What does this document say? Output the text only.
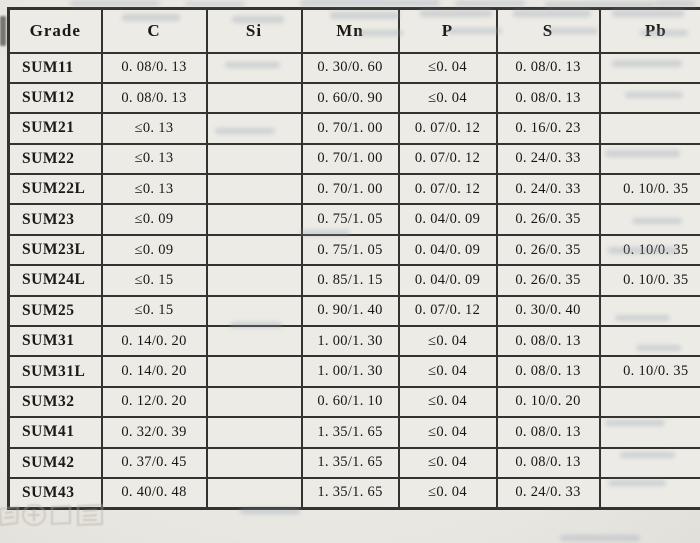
Grade	C	Si	Mn	P	S	Pb
SUM11	0. 08/0. 13		0. 30/0. 60	≤0. 04	0. 08/0. 13	
SUM12	0. 08/0. 13		0. 60/0. 90	≤0. 04	0. 08/0. 13	
SUM21	≤0. 13		0. 70/1. 00	0. 07/0. 12	0. 16/0. 23	
SUM22	≤0. 13		0. 70/1. 00	0. 07/0. 12	0. 24/0. 33	
SUM22L	≤0. 13		0. 70/1. 00	0. 07/0. 12	0. 24/0. 33	0. 10/0. 35
SUM23	≤0. 09		0. 75/1. 05	0. 04/0. 09	0. 26/0. 35	
SUM23L	≤0. 09		0. 75/1. 05	0. 04/0. 09	0. 26/0. 35	0. 10/0. 35
SUM24L	≤0. 15		0. 85/1. 15	0. 04/0. 09	0. 26/0. 35	0. 10/0. 35
SUM25	≤0. 15		0. 90/1. 40	0. 07/0. 12	0. 30/0. 40	
SUM31	0. 14/0. 20		1. 00/1. 30	≤0. 04	0. 08/0. 13	
SUM31L	0. 14/0. 20		1. 00/1. 30	≤0. 04	0. 08/0. 13	0. 10/0. 35
SUM32	0. 12/0. 20		0. 60/1. 10	≤0. 04	0. 10/0. 20	
SUM41	0. 32/0. 39		1. 35/1. 65	≤0. 04	0. 08/0. 13	
SUM42	0. 37/0. 45		1. 35/1. 65	≤0. 04	0. 08/0. 13	
SUM43	0. 40/0. 48		1. 35/1. 65	≤0. 04	0. 24/0. 33	
